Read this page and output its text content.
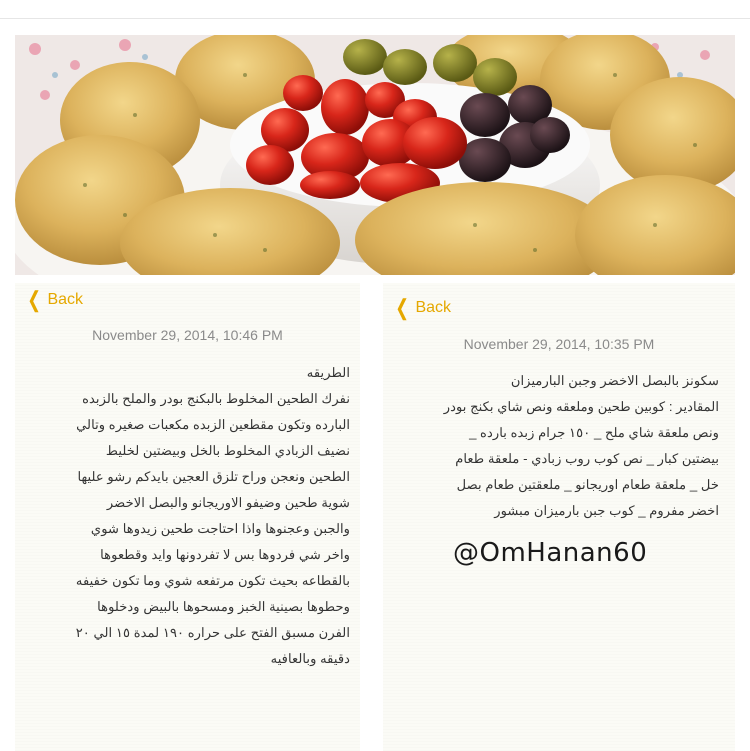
❮ Back
November 29, 2014, 10:46 PM
الطريقه
نفرك الطحين المخلوط بالبكنج بودر والملح بالزبده
البارده وتكون مقطعين الزبده مكعبات صغيره وتالي
نضيف الزبادي المخلوط بالخل وبيضتين لخليط
الطحين ونعجن وراح تلزق العجين بايدكم رشو عليها
شوية طحين وضيفو الاوريجانو والبصل الاخضر
والجبن وعجنوها واذا احتاجت طحين زيدوها شوي
واخر شي فردوها بس لا تفردونها وايد وقطعوها
بالقطاعه بحيث تكون مرتفعه شوي وما تكون خفيفه
وحطوها بصينية الخبز ومسحوها بالبيض ودخلوها
الفرن مسبق الفتح على حراره ١٩٠ لمدة ١٥ الي ٢٠
دقيقه وبالعافيه
❮ Back
November 29, 2014, 10:35 PM
سكونز بالبصل الاخضر وجبن البارميزان
المقادير : كوبين طحين وملعقه ونص شاي بكنج بودر
ونص ملعقة شاي ملح _ ١٥٠ جرام زبده بارده _
بيضتين كبار _ نص كوب روب زبادي - ملعقة طعام
خل _ ملعقة طعام اوريجانو _ ملعقتين طعام بصل
اخضر مفروم _ كوب جبن بارميزان مبشور
@OmHanan60
